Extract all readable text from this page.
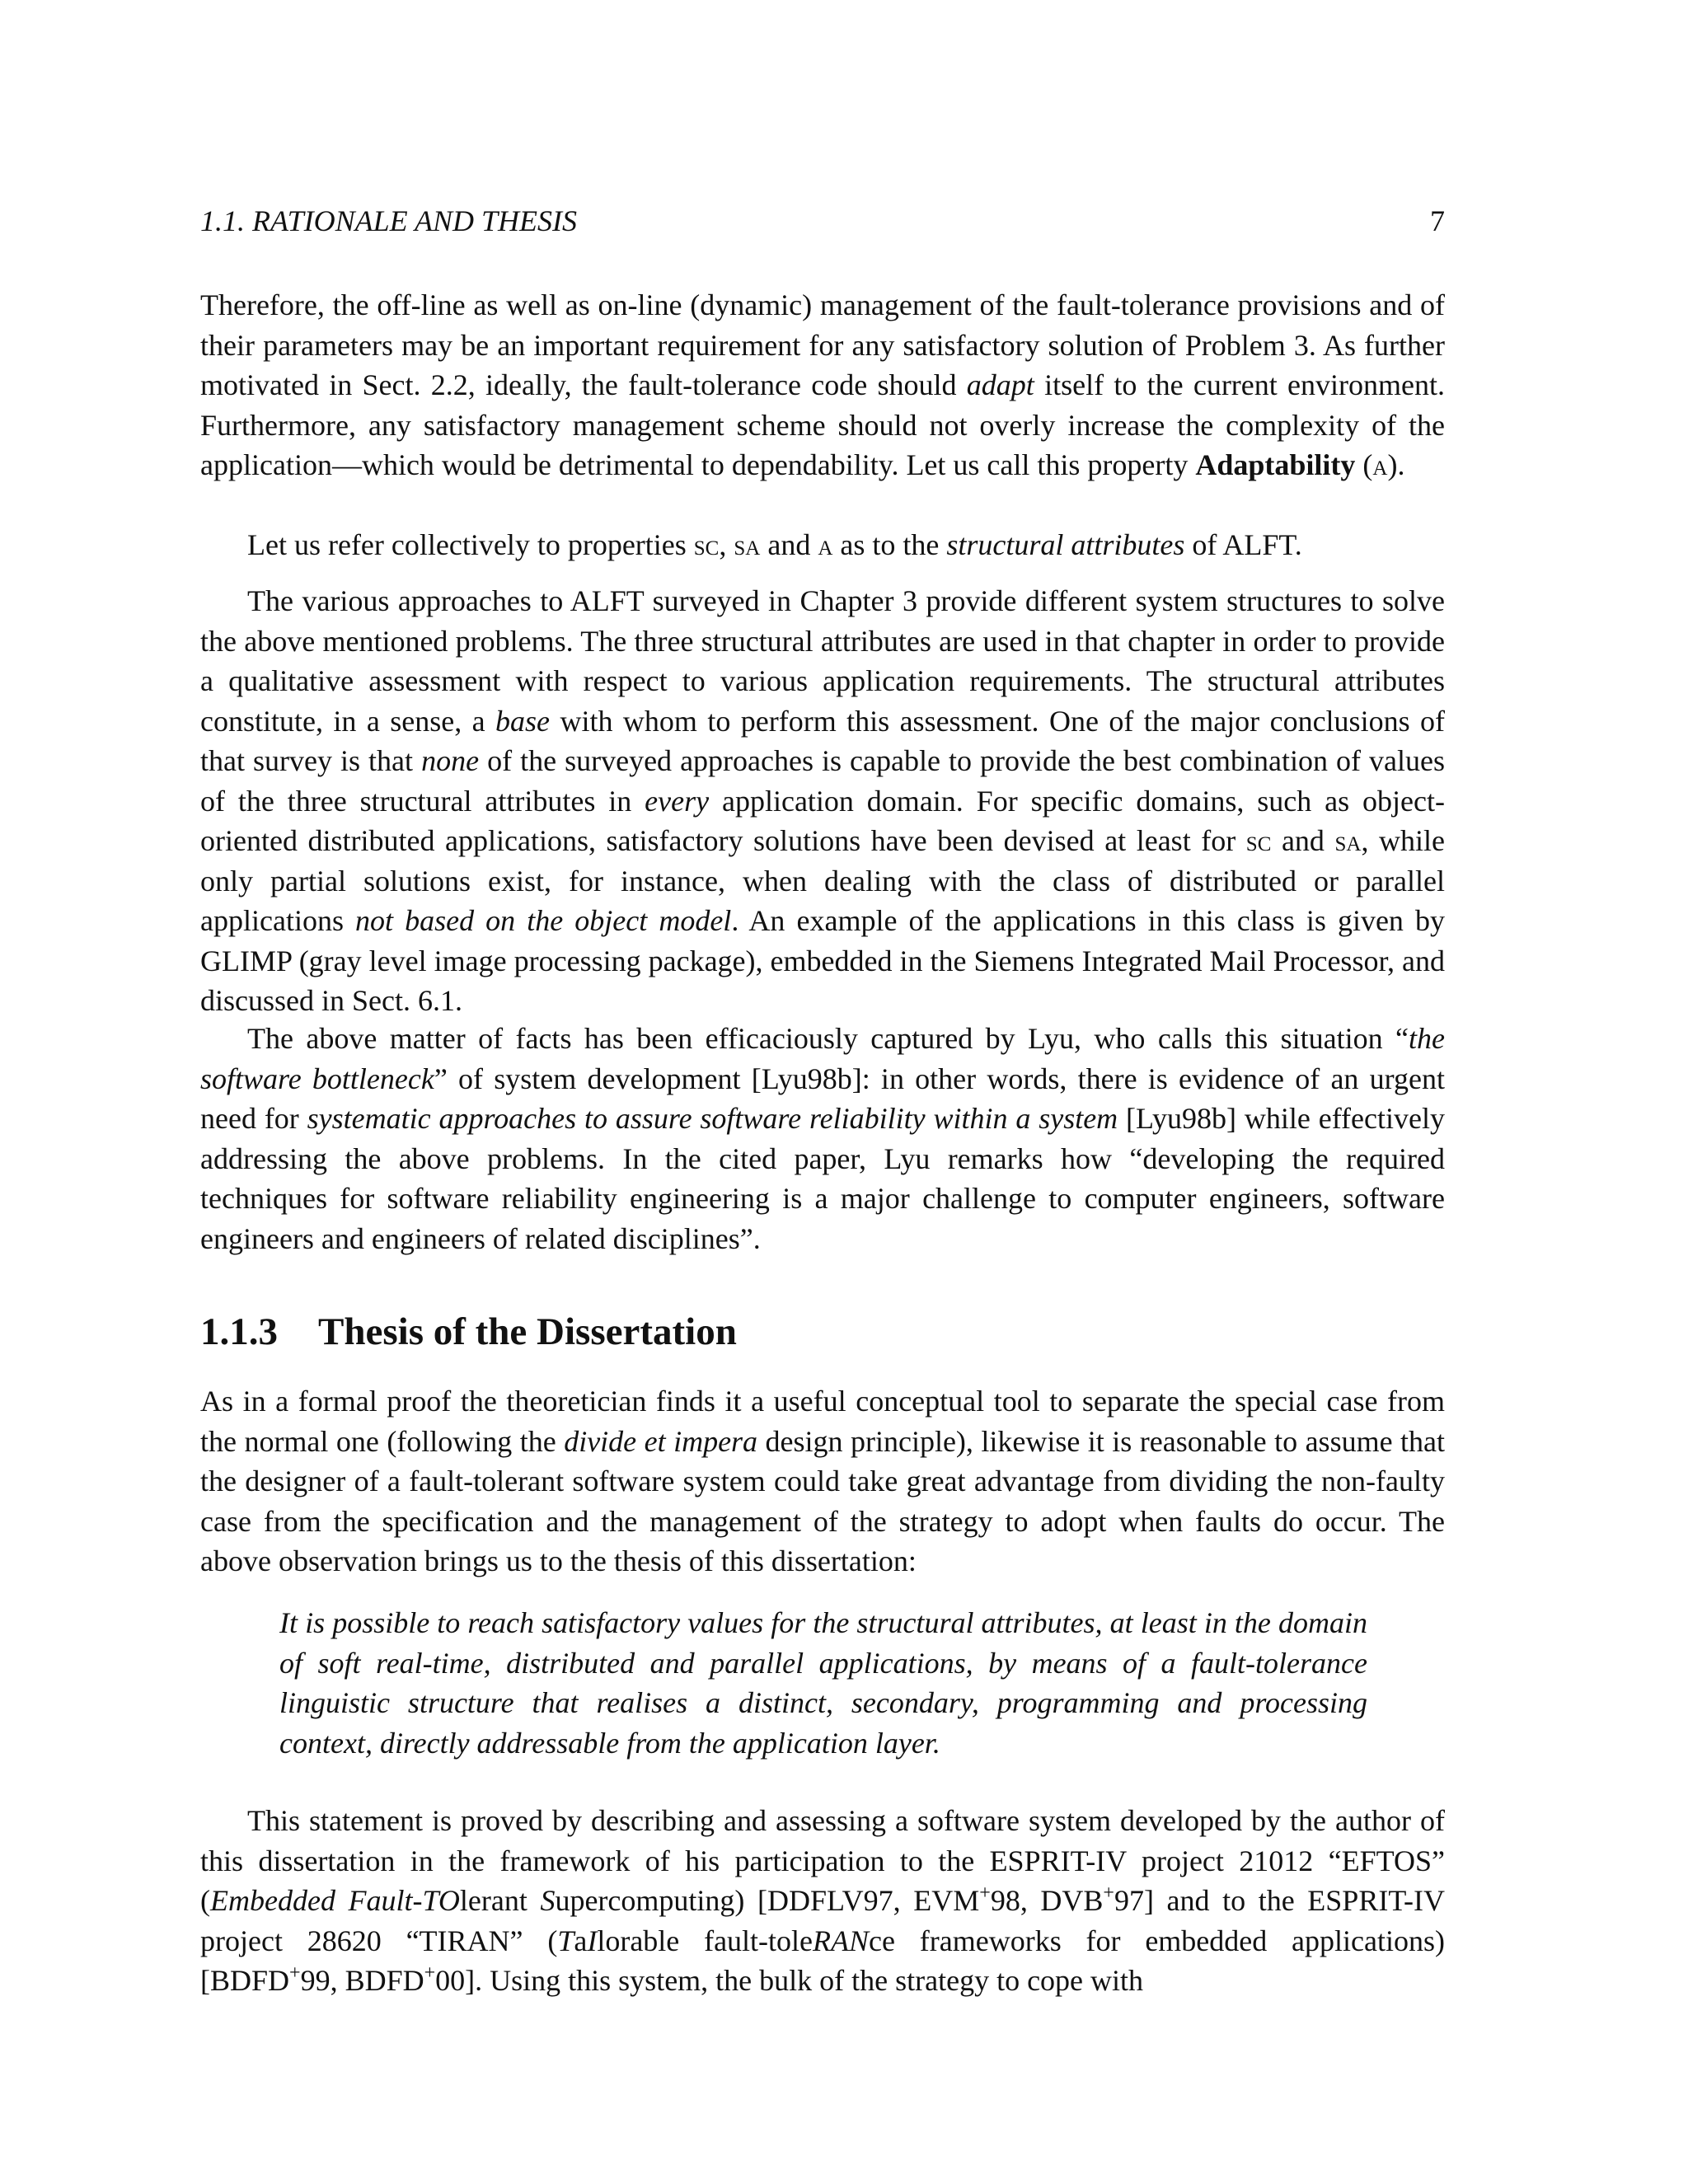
1.1. RATIONALE AND THESIS	7

Therefore, the off-line as well as on-line (dynamic) management of the fault-tolerance provisions and of their parameters may be an important requirement for any satisfactory solution of Problem 3. As further motivated in Sect. 2.2, ideally, the fault-tolerance code should adapt itself to the current environment. Furthermore, any satisfactory management scheme should not overly increase the complexity of the application—which would be detrimental to dependability. Let us call this property Adaptability (a).

Let us refer collectively to properties sc, sa and a as to the structural attributes of ALFT.

The various approaches to ALFT surveyed in Chapter 3 provide different system structures to solve the above mentioned problems. The three structural attributes are used in that chapter in order to provide a qualitative assessment with respect to various application requirements. The structural attributes constitute, in a sense, a base with whom to perform this assessment. One of the major conclusions of that survey is that none of the surveyed approaches is capable to provide the best combination of values of the three structural attributes in every application domain. For specific domains, such as object-oriented distributed applications, satisfactory solutions have been devised at least for sc and sa, while only partial solutions exist, for instance, when dealing with the class of distributed or parallel applications not based on the object model. An example of the applications in this class is given by GLIMP (gray level image processing package), embedded in the Siemens Integrated Mail Processor, and discussed in Sect. 6.1.

The above matter of facts has been efficaciously captured by Lyu, who calls this situation “the software bottleneck” of system development [Lyu98b]: in other words, there is evidence of an urgent need for systematic approaches to assure software reliability within a system [Lyu98b] while effectively addressing the above problems. In the cited paper, Lyu remarks how “developing the required techniques for software reliability engineering is a major challenge to computer engineers, software engineers and engineers of related disciplines”.

1.1.3 Thesis of the Dissertation

As in a formal proof the theoretician finds it a useful conceptual tool to separate the special case from the normal one (following the divide et impera design principle), likewise it is reasonable to assume that the designer of a fault-tolerant software system could take great advantage from dividing the non-faulty case from the specification and the management of the strategy to adopt when faults do occur. The above observation brings us to the thesis of this dissertation:

It is possible to reach satisfactory values for the structural attributes, at least in the domain of soft real-time, distributed and parallel applications, by means of a fault-tolerance linguistic structure that realises a distinct, secondary, programming and processing context, directly addressable from the application layer.

This statement is proved by describing and assessing a software system developed by the author of this dissertation in the framework of his participation to the ESPRIT-IV project 21012 “EFTOS” (Embedded Fault-TOlerant Supercomputing) [DDFLV97, EVM+98, DVB+97] and to the ESPRIT-IV project 28620 “TIRAN” (TaIlorable fault-toleRANce frameworks for embedded applications) [BDFD+99, BDFD+00]. Using this system, the bulk of the strategy to cope with
